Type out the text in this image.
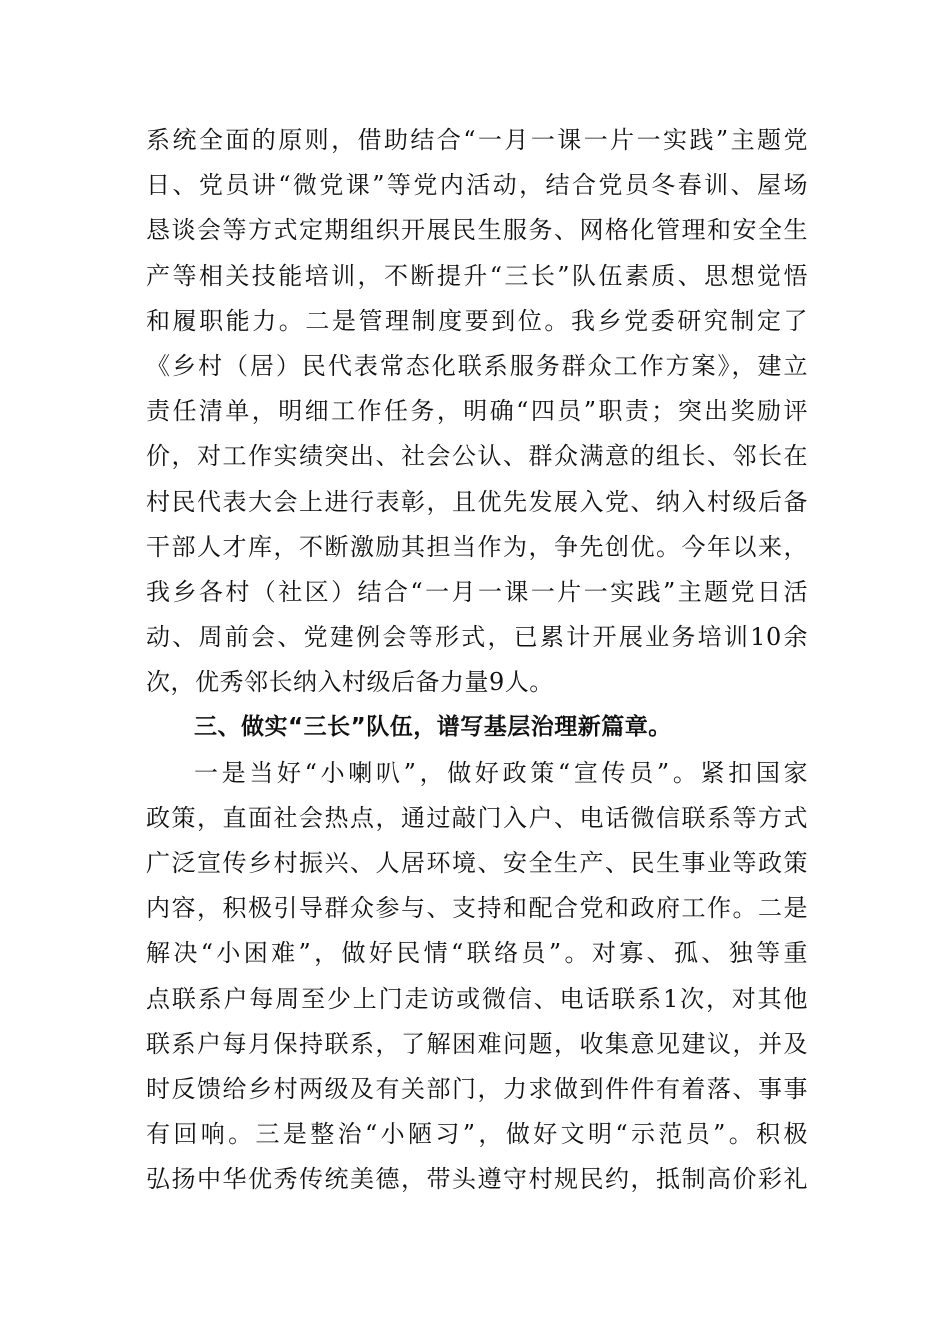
系统全面的原则，借助结合“一月一课一片一实践”主题党
日、党员讲“微党课”等党内活动，结合党员冬春训、屋场
恳谈会等方式定期组织开展民生服务、网格化管理和安全生
产等相关技能培训，不断提升“三长”队伍素质、思想觉悟
和履职能力。二是管理制度要到位。我乡党委研究制定了
《乡村（居）民代表常态化联系服务群众工作方案》，建立
责任清单，明细工作任务，明确“四员”职责；突出奖励评
价，对工作实绩突出、社会公认、群众满意的组长、邻长在
村民代表大会上进行表彰，且优先发展入党、纳入村级后备
干部人才库，不断激励其担当作为，争先创优。今年以来，
我乡各村（社区）结合“一月一课一片一实践”主题党日活
动、周前会、党建例会等形式，已累计开展业务培训10余
次，优秀邻长纳入村级后备力量9人。
三、做实“三长”队伍，谱写基层治理新篇章。
一是当好“小喇叭”，做好政策“宣传员”。紧扣国家
政策，直面社会热点，通过敲门入户、电话微信联系等方式
广泛宣传乡村振兴、人居环境、安全生产、民生事业等政策
内容，积极引导群众参与、支持和配合党和政府工作。二是
解决“小困难”，做好民情“联络员”。对寡、孤、独等重
点联系户每周至少上门走访或微信、电话联系1次，对其他
联系户每月保持联系，了解困难问题，收集意见建议，并及
时反馈给乡村两级及有关部门，力求做到件件有着落、事事
有回响。三是整治“小陋习”，做好文明“示范员”。积极
弘扬中华优秀传统美德，带头遵守村规民约，抵制高价彩礼
